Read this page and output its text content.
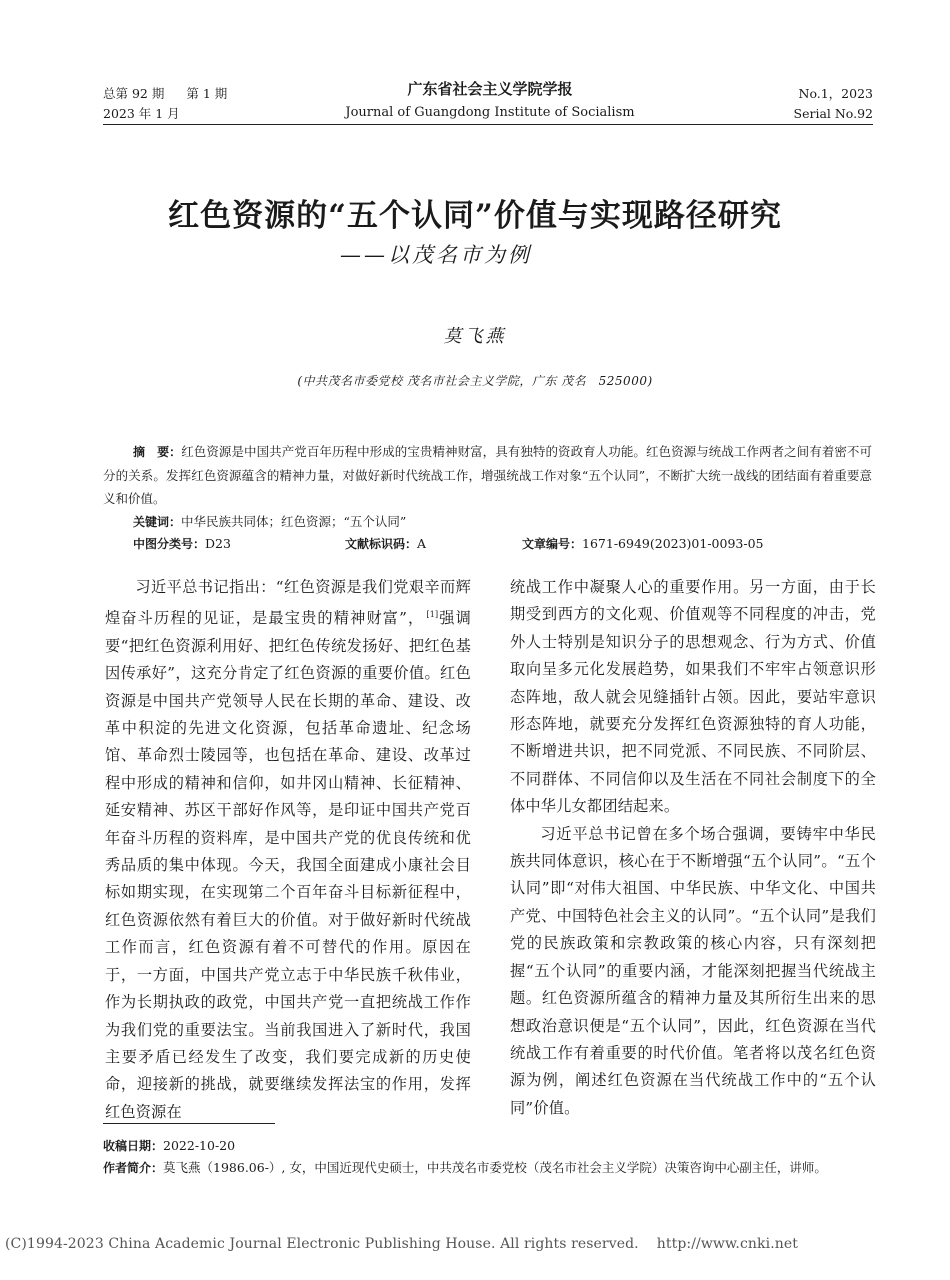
总第 92 期 第 1 期
2023 年 1 月
广东省社会主义学院学报
Journal of Guangdong Institute of Socialism
No.1，2023
Serial No.92
红色资源的“五个认同”价值与实现路径研究
——以茂名市为例
莫飞燕
(中共茂名市委党校 茂名市社会主义学院，广东 茂名　525000)
摘　要：红色资源是中国共产党百年历程中形成的宝贵精神财富，具有独特的资政育人功能。红色资源与统战工作两者之间有着密不可分的关系。发挥红色资源蕴含的精神力量，对做好新时代统战工作，增强统战工作对象“五个认同”，不断扩大统一战线的团结面有着重要意义和价值。
关键词：中华民族共同体；红色资源；“五个认同”
中图分类号：D23	文献标识码：A	文章编号：1671-6949(2023)01-0093-05

习近平总书记指出：“红色资源是我们党艰辛而辉煌奋斗历程的见证，是最宝贵的精神财富”， [1]强调要“把红色资源利用好、把红色传统发扬好、把红色基因传承好”，这充分肯定了红色资源的重要价值。红色资源是中国共产党领导人民在长期的革命、建设、改革中积淀的先进文化资源，包括革命遗址、纪念场馆、革命烈士陵园等，也包括在革命、建设、改革过程中形成的精神和信仰，如井冈山精神、长征精神、延安精神、苏区干部好作风等，是印证中国共产党百年奋斗历程的资料库，是中国共产党的优良传统和优秀品质的集中体现。今天，我国全面建成小康社会目标如期实现，在实现第二个百年奋斗目标新征程中，红色资源依然有着巨大的价值。对于做好新时代统战工作而言，红色资源有着不可替代的作用。原因在于，一方面，中国共产党立志于中华民族千秋伟业，作为长期执政的政党，中国共产党一直把统战工作作为我们党的重要法宝。当前我国进入了新时代，我国主要矛盾已经发生了改变，我们要完成新的历史使命，迎接新的挑战，就要继续发挥法宝的作用，发挥红色资源在

统战工作中凝聚人心的重要作用。另一方面，由于长期受到西方的文化观、价值观等不同程度的冲击，党外人士特别是知识分子的思想观念、行为方式、价值取向呈多元化发展趋势，如果我们不牢牢占领意识形态阵地，敌人就会见缝插针占领。因此，要站牢意识形态阵地，就要充分发挥红色资源独特的育人功能，不断增进共识，把不同党派、不同民族、不同阶层、不同群体、不同信仰以及生活在不同社会制度下的全体中华儿女都团结起来。

习近平总书记曾在多个场合强调，要铸牢中华民族共同体意识，核心在于不断增强“五个认同”。“五个认同”即“对伟大祖国、中华民族、中华文化、中国共产党、中国特色社会主义的认同”。“五个认同”是我们党的民族政策和宗教政策的核心内容，只有深刻把握“五个认同”的重要内涵，才能深刻把握当代统战主题。红色资源所蕴含的精神力量及其所衍生出来的思想政治意识便是“五个认同”，因此，红色资源在当代统战工作有着重要的时代价值。笔者将以茂名红色资源为例，阐述红色资源在当代统战工作中的“五个认同”价值。

收稿日期：2022-10-20
作者简介：莫飞燕（1986.06-）, 女，中国近现代史硕士，中共茂名市委党校（茂名市社会主义学院）决策咨询中心副主任，讲师。
(C)1994-2023 China Academic Journal Electronic Publishing House. All rights reserved. http://www.cnki.net
